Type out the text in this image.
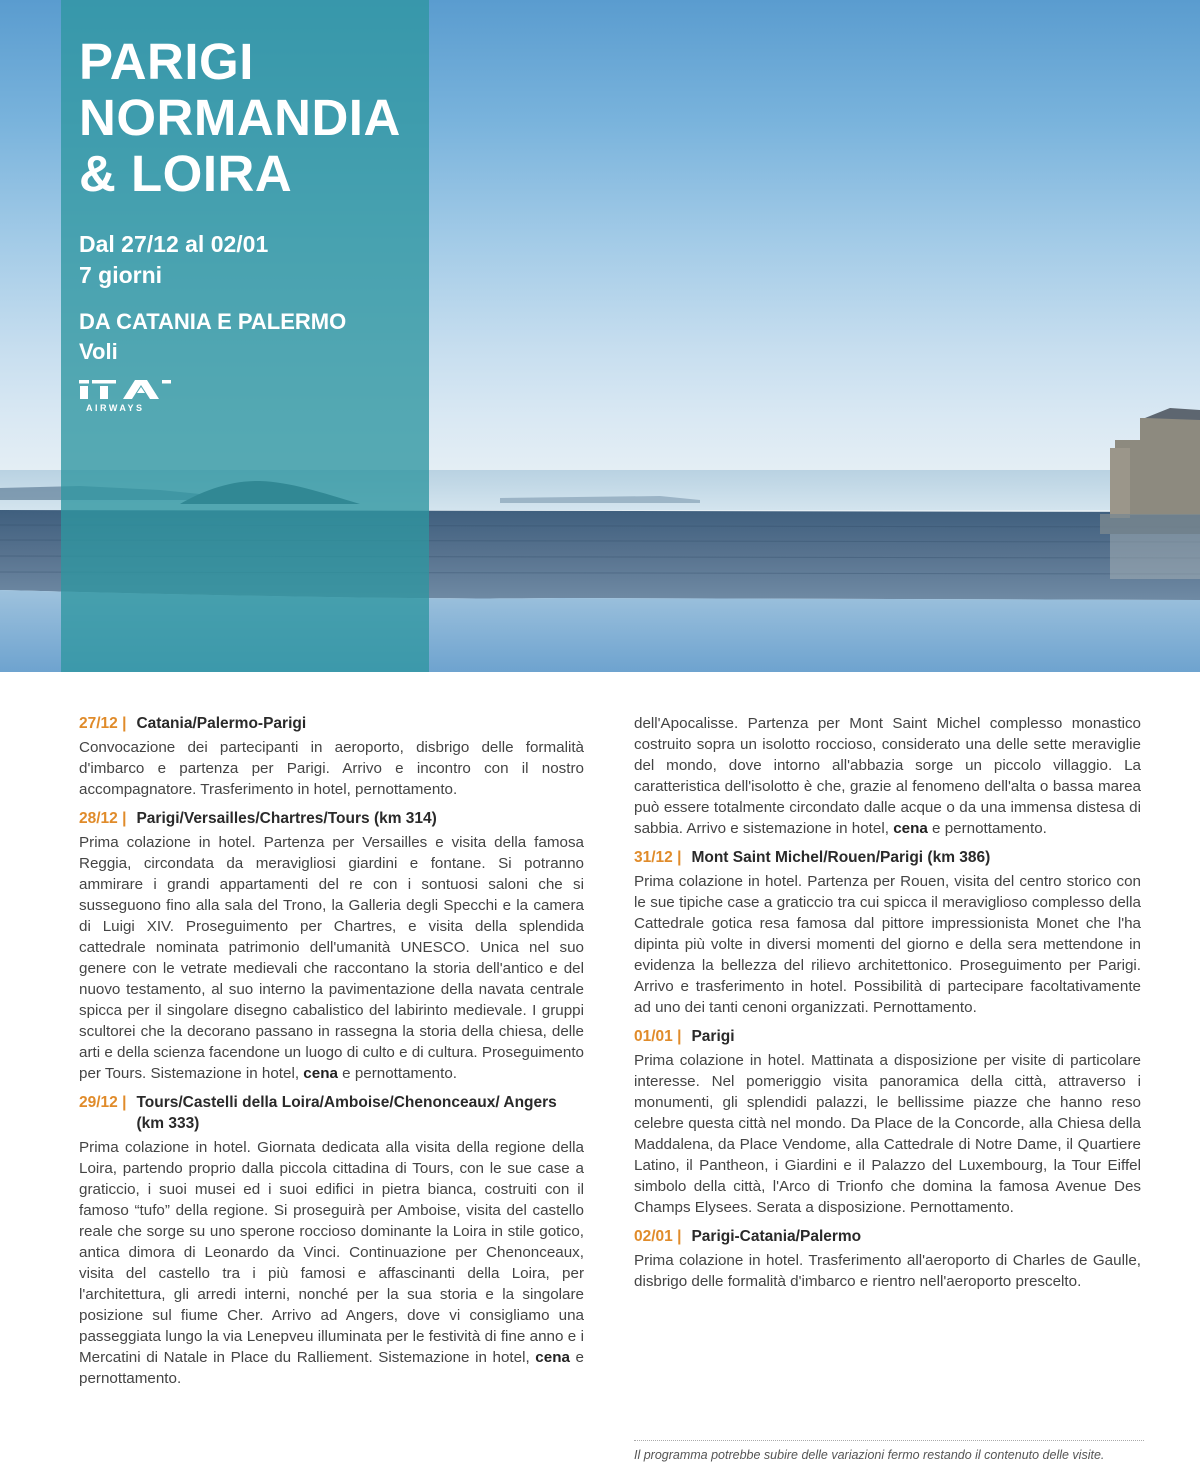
PARIGI
NORMANDIA
& LOIRA
Dal 27/12 al 02/01
7 giorni
DA CATANIA E PALERMO
Voli
AIRWAYS
27/12 |	Catania/Palermo-Parigi

Convocazione dei partecipanti in aeroporto, disbrigo delle formalità d'imbarco e partenza per Parigi. Arrivo e incontro con il nostro accompagnatore. Trasferimento in hotel, pernottamento.

28/12 |	Parigi/Versailles/Chartres/Tours (km 314)

Prima colazione in hotel. Partenza per Versailles e visita della famosa Reggia, circondata da meravigliosi giardini e fontane. Si potranno ammirare i grandi appartamenti del re con i sontuosi saloni che si susseguono fino alla sala del Trono, la Galleria degli Specchi e la camera di Luigi XIV. Proseguimento per Chartres, e visita della splendida cattedrale nominata patrimonio dell'umanità UNESCO. Unica nel suo genere con le vetrate medievali che raccontano la storia dell'antico e del nuovo testamento, al suo interno la pavimentazione della navata centrale spicca per il singolare disegno cabalistico del labirinto medievale. I gruppi scultorei che la decorano passano in rassegna la storia della chiesa, delle arti e della scienza facendone un luogo di culto e di cultura. Proseguimento per Tours. Sistemazione in hotel, cena e pernottamento.

29/12 |	Tours/Castelli della Loira/Amboise/Chenonceaux/ Angers (km 333)

Prima colazione in hotel. Giornata dedicata alla visita della regione della Loira, partendo proprio dalla piccola cittadina di Tours, con le sue case a graticcio, i suoi musei ed i suoi edifici in pietra bianca, costruiti con il famoso “tufo” della regione. Si proseguirà per Amboise, visita del castello reale che sorge su uno sperone roccioso dominante la Loira in stile gotico, antica dimora di Leonardo da Vinci. Continuazione per Chenonceaux, visita del castello tra i più famosi e affascinanti della Loira, per l'architettura, gli arredi interni, nonché per la sua storia e la singolare posizione sul fiume Cher. Arrivo ad Angers, dove vi consigliamo una passeggiata lungo la via Lenepveu illuminata per le festività di fine anno e i Mercatini di Natale in Place du Ralliement. Sistemazione in hotel, cena e pernottamento.

dell'Apocalisse. Partenza per Mont Saint Michel complesso monastico costruito sopra un isolotto roccioso, considerato una delle sette meraviglie del mondo, dove intorno all'abbazia sorge un piccolo villaggio. La caratteristica dell'isolotto è che, grazie al fenomeno dell'alta o bassa marea può essere totalmente circondato dalle acque o da una immensa distesa di sabbia. Arrivo e sistemazione in hotel, cena e pernottamento.

31/12 |	Mont Saint Michel/Rouen/Parigi (km 386)

Prima colazione in hotel. Partenza per Rouen, visita del centro storico con le sue tipiche case a graticcio tra cui spicca il meraviglioso complesso della Cattedrale gotica resa famosa dal pittore impressionista Monet che l'ha dipinta più volte in diversi momenti del giorno e della sera mettendone in evidenza la bellezza del rilievo architettonico. Proseguimento per Parigi. Arrivo e trasferimento in hotel. Possibilità di partecipare facoltativamente ad uno dei tanti cenoni organizzati. Pernottamento.

01/01 |	Parigi

Prima colazione in hotel. Mattinata a disposizione per visite di particolare interesse. Nel pomeriggio visita panoramica della città, attraverso i monumenti, gli splendidi palazzi, le bellissime piazze che hanno reso celebre questa città nel mondo. Da Place de la Concorde, alla Chiesa della Maddalena, da Place Vendome, alla Cattedrale di Notre Dame, il Quartiere Latino, il Pantheon, i Giardini e il Palazzo del Luxembourg, la Tour Eiffel simbolo della città, l'Arco di Trionfo che domina la famosa Avenue Des Champs Elysees. Serata a disposizione. Pernottamento.

02/01 |	Parigi-Catania/Palermo

Prima colazione in hotel. Trasferimento all'aeroporto di Charles de Gaulle, disbrigo delle formalità d'imbarco e rientro nell'aeroporto prescelto.

Il programma potrebbe subire delle variazioni fermo restando il contenuto delle visite.
